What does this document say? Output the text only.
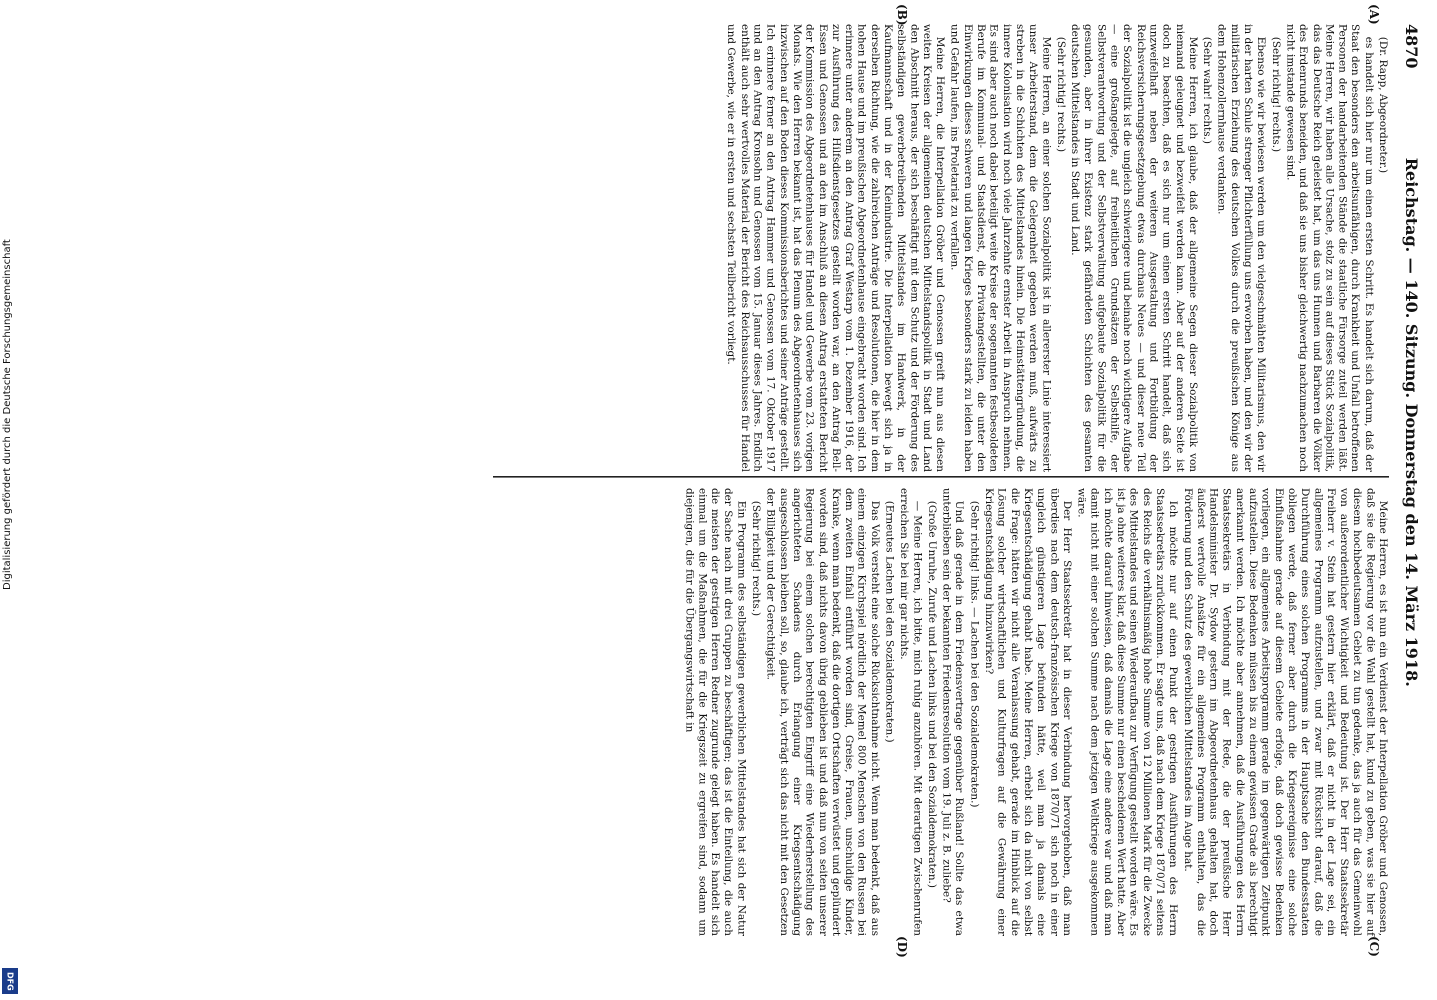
4870
Reichstag. — 140. Sitzung. Donnerstag den 14. März 1918.
(A)
(B)
(C)
(D)

(Dr. Rapp, Abgeordneter.)

es handelt sich hier nur um einen ersten Schritt. Es handelt sich darum, daß der Staat den besonders den arbeitsunfähigen, durch Krankheit und Unfall betroffenen Personen der handarbeitenden Stände die staatliche Fürsorge zuteil werden läßt. Meine Herren, wir haben alle Ursache, stolz zu sein auf dieses Stück Sozialpolitik, das das Deutsche Reich geleistet hat, um das uns Hunnen und Barbaren die Völker des Erdenrunds beneiden, und daß sie uns bisher gleichwertig nachzumachen noch nicht imstande gewesen sind.

(Sehr richtig! rechts.)

Ebenso wie wir bewiesen werden um den vielgeschmähten Militarismus, den wir in der harten Schule strenger Pflichterfüllung uns erworben haben, und den wir der militärischen Erziehung des deutschen Volkes durch die preußischen Könige aus dem Hohenzollernhause verdanken.

(Sehr wahr! rechts.)

Meine Herren, ich glaube, daß der allgemeine Segen dieser Sozialpolitik von niemand geleugnet und bezweifelt werden kann. Aber auf der anderen Seite ist doch zu beachten, daß es sich nur um einen ersten Schritt handelt, daß sich unzweifelhaft neben der weiteren Ausgestaltung und Fortbildung der Reichsversicherungsgesetzgebung etwas durchaus Neues — und dieser neue Teil der Sozialpolitik ist die ungleich schwierigere und beinahe noch wichtigere Aufgabe — eine großangelegte, auf freiheitlichen Grundsätzen der Selbsthilfe, der Selbstverantwortung und der Selbstverwaltung aufgebaute Sozialpolitik für die gesunden, aber in ihrer Existenz stark gefährdeten Schichten des gesamten deutschen Mittelstandes in Stadt und Land.

(Sehr richtig! rechts.)

Meine Herren, an einer solchen Sozialpolitik ist in allererster Linie interessiert unser Arbeiterstand, dem die Gelegenheit gegeben werden muß, aufwärts zu streben in die Schichten des Mittelstandes hinein. Die Heimstättengründung, die innere Kolonisation wird noch viele Jahrzehnte ernster Arbeit in Anspruch nehmen. Es sind aber auch noch dabei beteiligt weite Kreise der sogenannten festbesoldeten Berufe im Kommunal- und Staatsdienst, die Privatangestellten, die unter den Einwirkungen dieses schweren und langen Krieges besonders stark zu leiden haben und Gefahr laufen, ins Proletariat zu verfallen.

Meine Herren, die Interpellation Gröber und Genossen greift nun aus diesen weiten Kreisen der allgemeinen deutschen Mittelstandspolitik in Stadt und Land den Abschnitt heraus, der sich beschäftigt mit dem Schutz und der Förderung des selbständigen gewerbetreibenden Mittelstandes im Handwerk, in der Kaufmannschaft und in der Kleinindustrie. Die Interpellation bewegt sich ja in derselben Richtung, wie die zahlreichen Anträge und Resolutionen, die hier in dem hohen Hause und im preußischen Abgeordnetenhause eingebracht worden sind. Ich erinnere unter anderem an den Antrag Graf Westarp vom 1. Dezember 1916, der zur Ausführung des Hilfsdienstgesetzes gestellt worden war, an den Antrag Bell-Essen und Genossen und an den im Anschluß an diesen Antrag erstatteten Bericht der Kommission des Abgeordnetenhauses für Handel und Gewerbe vom 23. vorigen Monats. Wie den Herren bekannt ist, hat das Plenum des Abgeordnetenhauses sich inzwischen auf den Boden dieses Kommissionsberichtes und seiner Anträge gestellt. Ich erinnere ferner an den Antrag Hammer und Genossen vom 17. Oktober 1917 und an den Antrag Kronsohn und Genossen vom 15. Januar dieses Jahres. Endlich enthält auch sehr wertvolles Material der Bericht des Reichsausschusses für Handel und Gewerbe, wie er in ersten und sechsten Teilbericht vorliegt.

Meine Herren, es ist nun ein Verdienst der Interpellation Gröber und Genossen, daß sie die Regierung vor die Wahl gestellt hat, kund zu geben, was sie hier auf diesem hochbedeutsamen Gebiet zu tun gedenke, das ja auch für das Gemeinwohl von außerordentlicher Wichtigkeit und Bedeutung ist. Der Herr Staatssekretär Freiherr v. Stein hat gestern hier erklärt, daß er nicht in der Lage sei, ein allgemeines Programm aufzustellen, und zwar mit Rücksicht darauf, daß die Durchführung eines solchen Programms in der Hauptsache den Bundesstaaten obliegen werde, daß ferner aber durch die Kriegsereignisse eine solche Einflußnahme gerade auf diesem Gebiete erfolge, daß doch gewisse Bedenken vorliegen, ein allgemeines Arbeitsprogramm gerade im gegenwärtigen Zeitpunkt aufzustellen. Diese Bedenken müssen bis zu einem gewissen Grade als berechtigt anerkannt werden. Ich möchte aber annehmen, daß die Ausführungen des Herrn Staatssekretärs in Verbindung mit der Rede, die der preußische Herr Handelsminister Dr. Sydow gestern im Abgeordnetenhaus gehalten hat, doch äußerst wertvolle Ansätze für ein allgemeines Programm enthalten, das die Förderung und den Schutz des gewerblichen Mittelstandes im Auge hat.

Ich möchte nur auf einen Punkt der gestrigen Ausführungen des Herrn Staatssekretärs zurückkommen. Er sagte uns, daß nach dem Kriege 1870/71 seitens des Reichs die verhältnismäßig hohe Summe von 12 Millionen Mark für die Zwecke des Mittelstandes und seinen Wiederaufbau zur Verfügung gestellt worden wäre. Es ist ja ohne weiteres klar, daß diese Summe nur einen bescheidenen Wert hatte. Aber ich möchte darauf hinweisen, daß damals die Lage eine andere war und daß man damit nicht mit einer solchen Summe nach dem jetzigen Weltkriege ausgekommen wäre.

Der Herr Staatssekretär hat in dieser Verbindung hervorgehoben, daß man überdies nach dem deutsch-französischen Kriege von 1870/71 sich noch in einer ungleich günstigeren Lage befunden hätte, weil man ja damals eine Kriegsentschädigung gehabt habe. Meine Herren, erhebt sich da nicht von selbst die Frage: hätten wir nicht alle Veranlassung gehabt, gerade im Hinblick auf die Lösung solcher wirtschaftlichen und Kulturfragen auf die Gewährung einer Kriegsentschädigung hinzuwirken?

(Sehr richtig! links. — Lachen bei den Sozialdemokraten.)

Und daß gerade in dem Friedensvertrage gegenüber Rußland! Sollte das etwa unterblieben sein der bekannten Friedensresolution vom 19. Juli z. B. zuliebe?

(Große Unruhe, Zurufe und Lachen links und bei den Sozialdemokraten.)

— Meine Herren, ich bitte, mich ruhig anzuhören. Mit derartigen Zwischenrufen erreichen Sie bei mir gar nichts.

(Erneutes Lachen bei den Sozialdemokraten.)

Das Volk versteht eine solche Rücksichtnahme nicht. Wenn man bedenkt, daß aus einem einzigen Kirchspiel nördlich der Memel 800 Menschen von den Russen bei dem zweiten Einfall entführt worden sind, Greise, Frauen, unschuldige Kinder, Kranke, wenn man bedenkt, daß die dortigen Ortschaften verwüstet und geplündert worden sind, daß nichts davon übrig geblieben ist und daß nun von seiten unserer Regierung bei einem solchen berechtigten Eingriff eine Wiederherstellung des angerichteten Schadens durch Erlangung einer Kriegsentschädigung ausgeschlossen bleiben soll, so, glaube ich, verträgt sich das nicht mit den Gesetzen der Billigkeit und der Gerechtigkeit.

(Sehr richtig! rechts.)

Ein Programm des selbständigen gewerblichen Mittelstandes hat sich der Natur der Sache nach mit drei Gruppen zu beschäftigen; das ist die Einteilung, die auch die meisten der gestrigen Herren Redner zugrunde gelegt haben. Es handelt sich einmal um die Maßnahmen, die für die Kriegszeit zu ergreifen sind, sodann um diejenigen, die für die Übergangswirtschaft in

Digitalisierung gefördert durch die Deutsche Forschungsgemeinschaft
DFG
